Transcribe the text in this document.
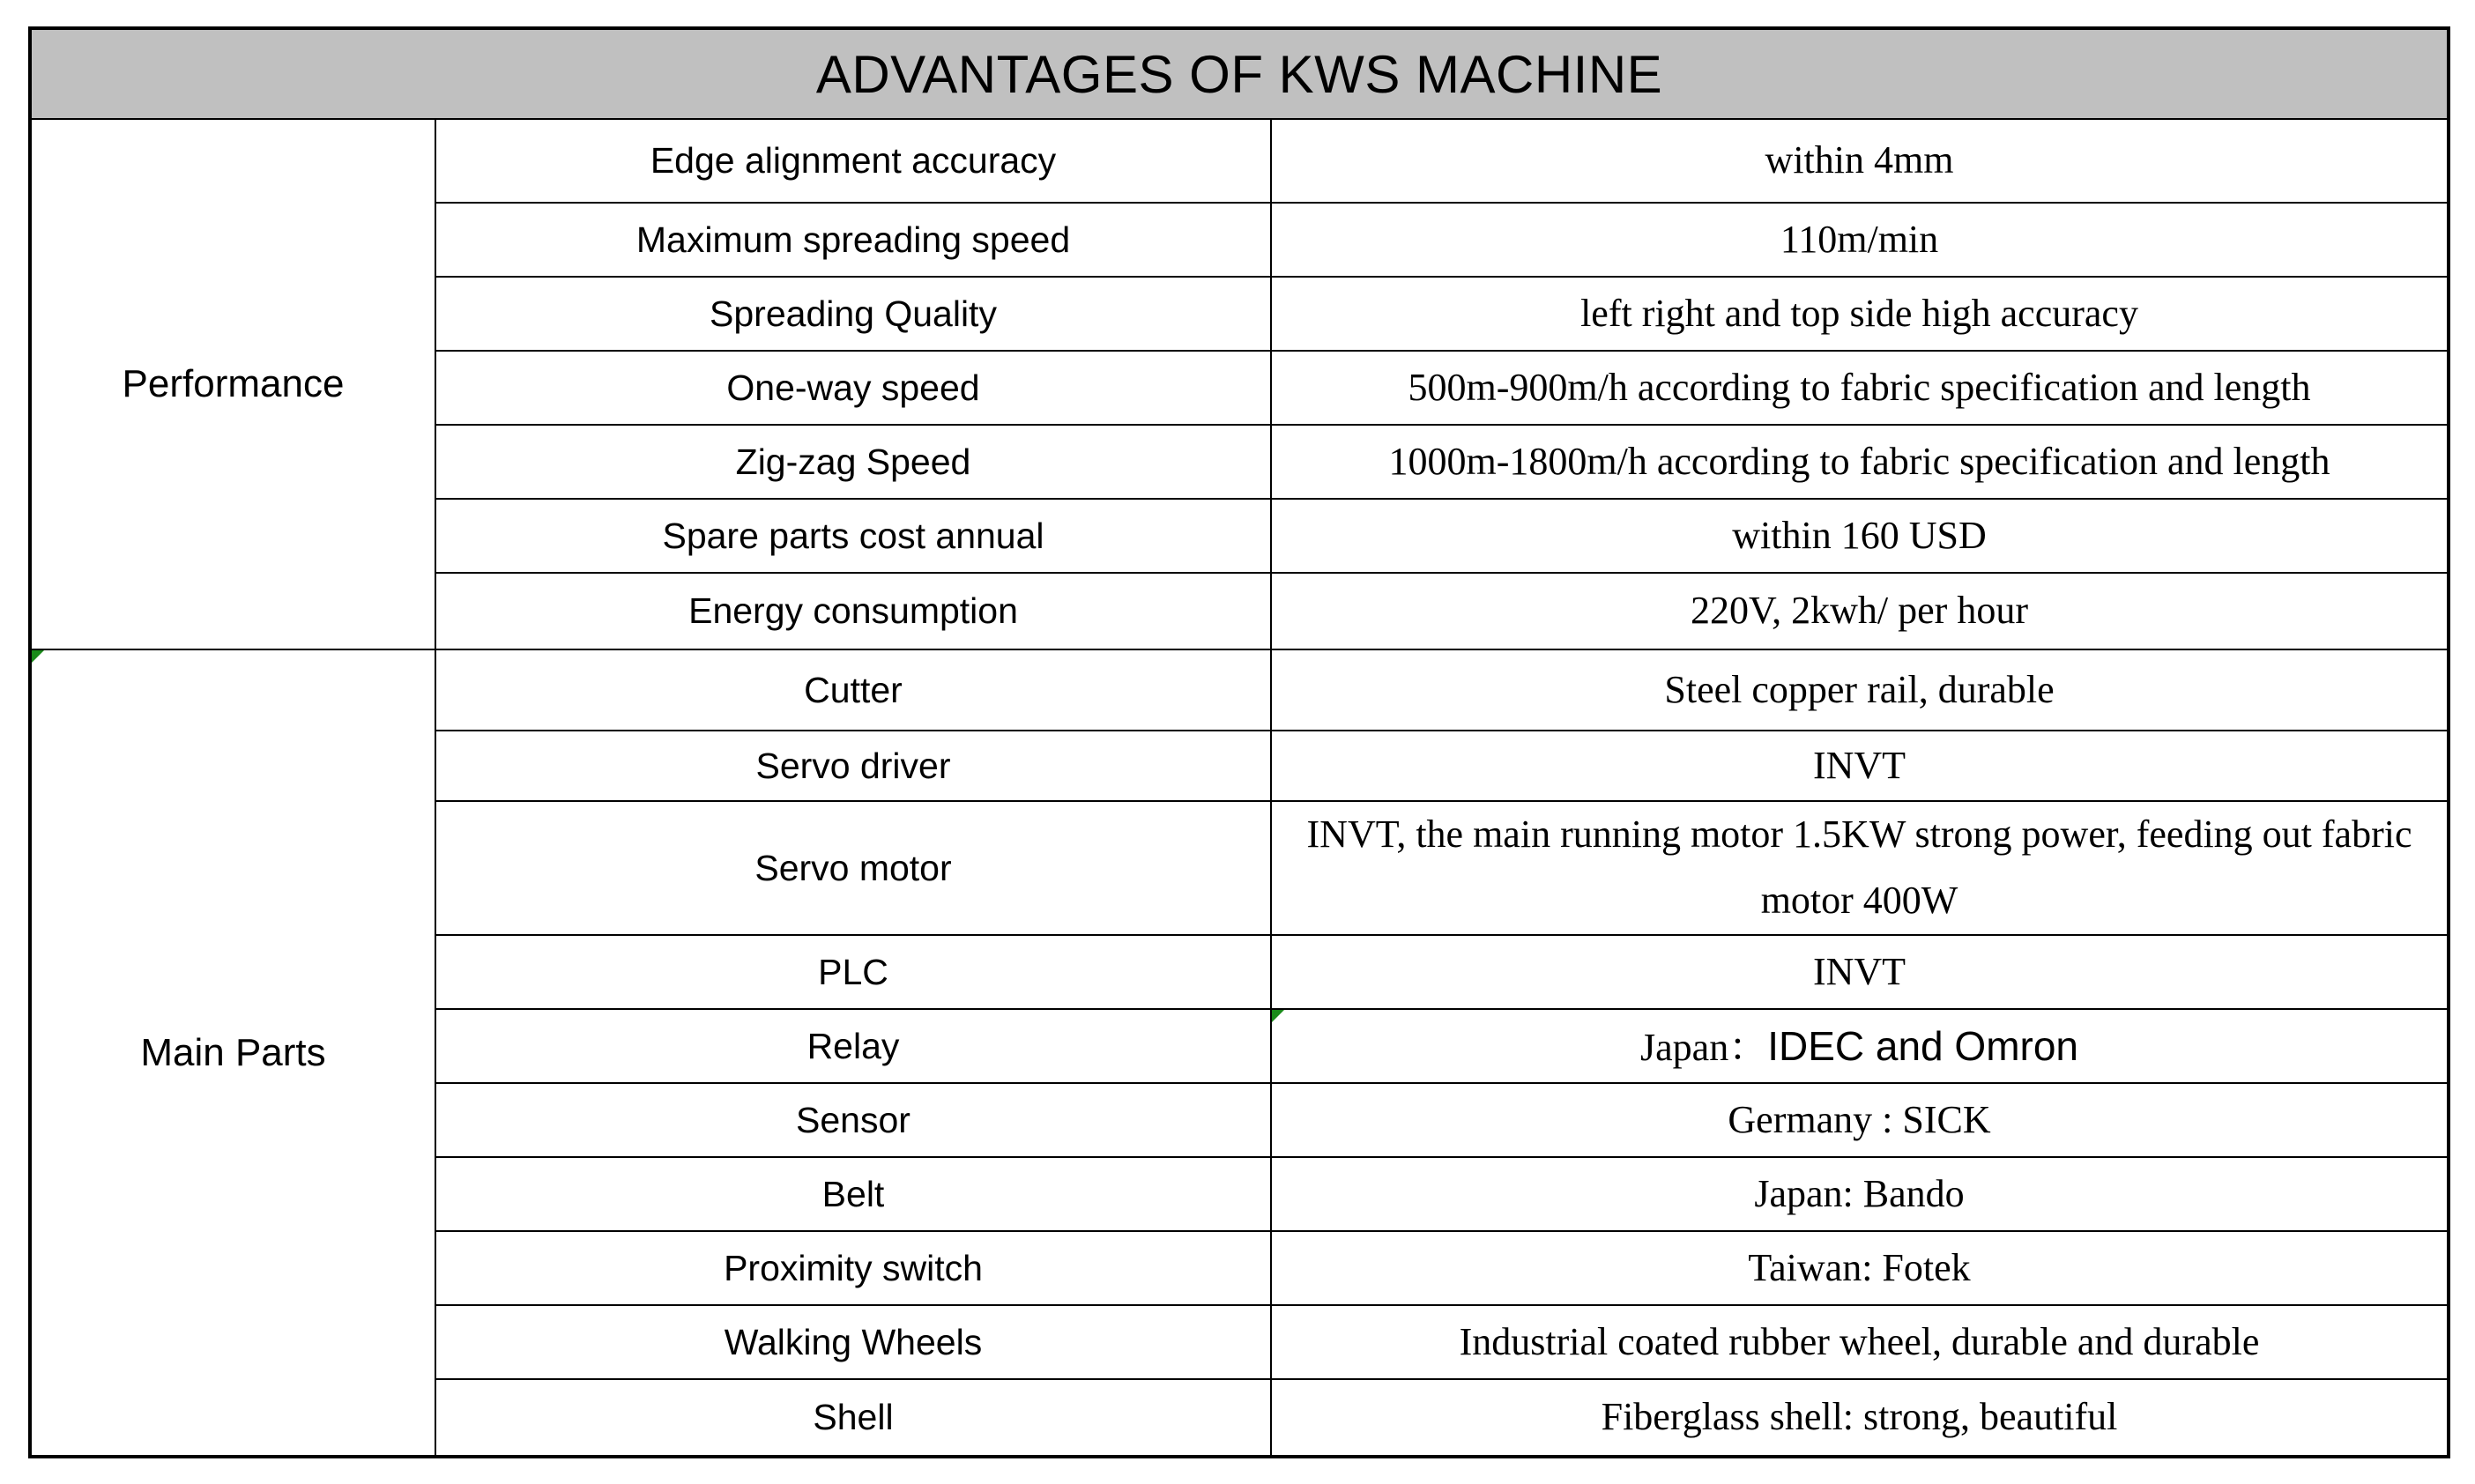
ADVANTAGES OF KWS MACHINE		
Performance	Edge alignment accuracy	within 4mm
	Maximum spreading speed	110m/min
	Spreading Quality	left right and top side high accuracy
	One-way speed	500m-900m/h according to fabric specification and length
	Zig-zag Speed	1000m-1800m/h according to fabric specification and length
	Spare parts cost annual	within 160 USD
	Energy consumption	220V, 2kwh/ per hour

Main Parts	Cutter	Steel copper rail, durable
	Servo driver	INVT
	Servo motor	INVT, the main running motor 1.5KW strong power, feeding out fabric motor 400W
	PLC	INVT
	Relay	Japan：IDEC and Omron
	Sensor	Germany : SICK
	Belt	Japan: Bando
	Proximity switch	Taiwan: Fotek
	Walking Wheels	Industrial coated rubber wheel, durable and durable
	Shell	Fiberglass shell: strong, beautiful
